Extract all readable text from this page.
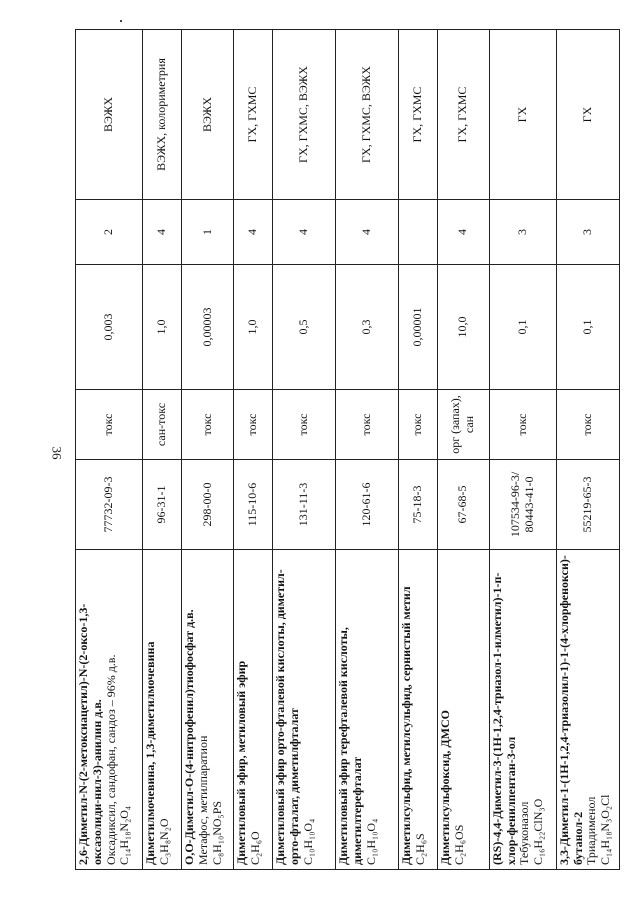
36
2,6-Диметил-N-(2-метоксиацетил)-N-(2-оксо-1,3-оксазолиди-нил-3)-анилин д.в. Оксадиксил, сандофан, сандоз – 96% д.в. C₁₄H₁₈N₂O₄	77732-09-3	токс	0,003	2	ВЭЖХ

Диметилмочевина, 1,3-диметилмочевина C₃H₈N₂O	96-31-1	сан-токс	1,0	4	ВЭЖХ, колориметрия

O,O-Диметил-O-(4-нитрофенил)тиофосфат д.в. Метафос, метилпаратион C₈H₁₀NO₅PS	298-00-0	токс	0,00003	1	ВЭЖХ

Диметиловый эфир, метиловый эфир C₂H₆O	115-10-6	токс	1,0	4	ГХ, ГХМС

Диметиловый эфир орто-фталевой кислоты, диметил-орто-фталат, диметилфталат C₁₀H₁₀O₄	131-11-3	токс	0,5	4	ГХ, ГХМС, ВЭЖХ

Диметиловый эфир терефталевой кислоты, диметилтерефталат C₁₀H₁₀O₄	120-61-6	токс	0,3	4	ГХ, ГХМС, ВЭЖХ

Диметилсульфид, метилсульфид, сернистый метил C₂H₆S	75-18-3	токс	0,00001		ГХ, ГХМС

Диметилсульфоксид, ДМСО C₂H₆OS	67-68-5	орг (запах), сан	10,0	4	ГХ, ГХМС

(RS)-4,4-Диметил-3-(1H-1,2,4-триазол-1-илметил)-1-п-хлор-фенилпентан-3-ол Тебуконазол C₁₆H₂₂ClN₃O	107534-96-3/ 80443-41-0	токс	0,1	3	ГХ

3,3-Диметил-1-(1H-1,2,4-триазолил-1)-1-(4-хлорфенокси)-бутанол-2 Триадименол C₁₄H₁₈N₃O₂Cl	55219-65-3	токс	0,1	3	ГХ
